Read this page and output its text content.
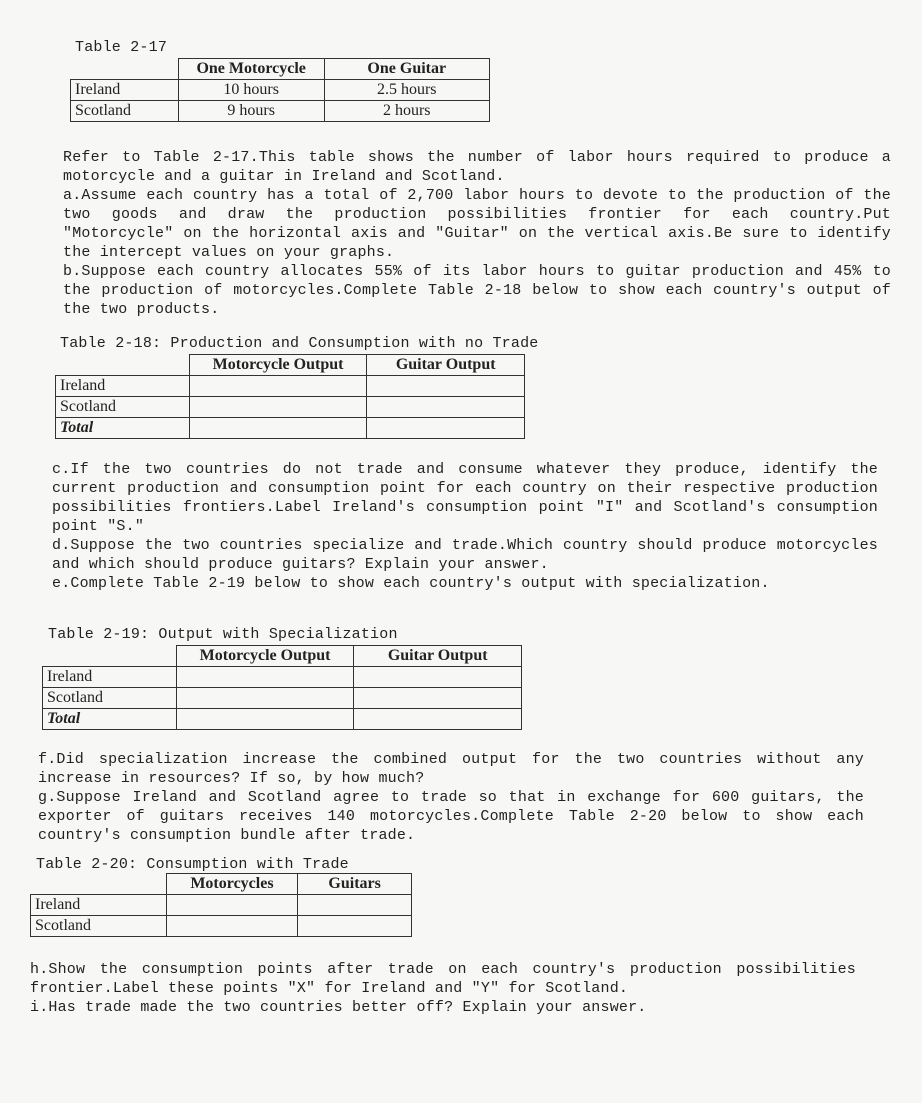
Table 2-17
	One Motorcycle	One Guitar
Ireland	10 hours	2.5 hours
Scotland	9 hours	2 hours

Refer to Table 2-17.This table shows the number of labor hours required to produce a motorcycle and a guitar in Ireland and Scotland.

a.Assume each country has a total of 2,700 labor hours to devote to the production of the two goods and draw the production possibilities frontier for each country.Put "Motorcycle" on the horizontal axis and "Guitar" on the vertical axis.Be sure to identify the intercept values on your graphs.

b.Suppose each country allocates 55% of its labor hours to guitar production and 45% to the production of motorcycles.Complete Table 2-18 below to show each country's output of the two products.

Table 2-18: Production and Consumption with no Trade
	Motorcycle Output	Guitar Output
Ireland		
Scotland		
Total		

c.If the two countries do not trade and consume whatever they produce, identify the current production and consumption point for each country on their respective production possibilities frontiers.Label Ireland's consumption point "I" and Scotland's consumption point "S."

d.Suppose the two countries specialize and trade.Which country should produce motorcycles and which should produce guitars? Explain your answer.

e.Complete Table 2-19 below to show each country's output with specialization.

Table 2-19: Output with Specialization
	Motorcycle Output	Guitar Output
Ireland		
Scotland		
Total		

f.Did specialization increase the combined output for the two countries without any increase in resources? If so, by how much?

g.Suppose Ireland and Scotland agree to trade so that in exchange for 600 guitars, the exporter of guitars receives 140 motorcycles.Complete Table 2-20 below to show each country's consumption bundle after trade.

Table 2-20: Consumption with Trade
	Motorcycles	Guitars
Ireland		
Scotland		

h.Show the consumption points after trade on each country's production possibilities frontier.Label these points "X" for Ireland and "Y" for Scotland.

i.Has trade made the two countries better off? Explain your answer.
